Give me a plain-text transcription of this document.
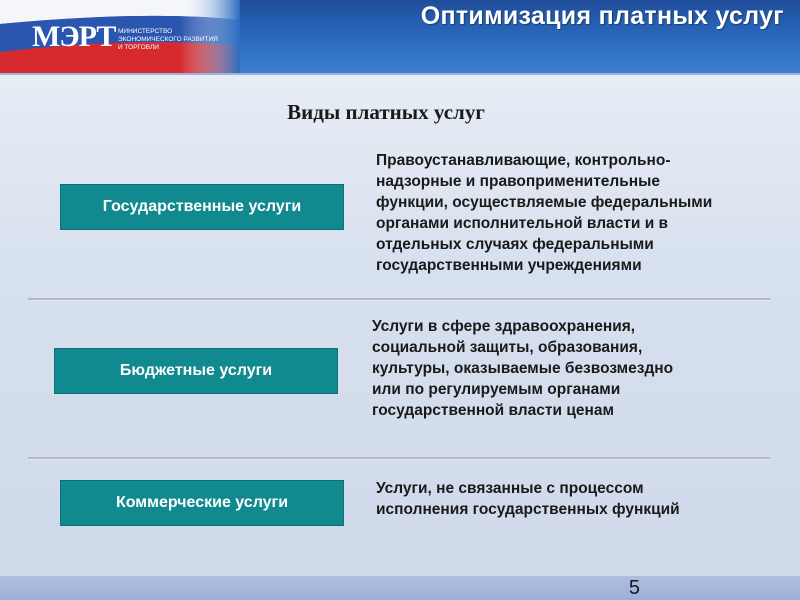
МЭРТ МИНИСТЕРСТВО
ЭКОНОМИЧЕСКОГО РАЗВИТИЯ
И ТОРГОВЛИ
Оптимизация платных услуг
Виды платных услуг
Государственные услуги
Правоустанавливающие, контрольно-
надзорные и правоприменительные
функции, осуществляемые федеральными
органами исполнительной власти и в
отдельных случаях федеральными
государственными учреждениями
Бюджетные услуги
Услуги в сфере здравоохранения,
социальной защиты, образования,
культуры, оказываемые безвозмездно
или по регулируемым органами
государственной власти ценам
Коммерческие услуги
Услуги, не связанные с процессом
исполнения государственных функций
5
